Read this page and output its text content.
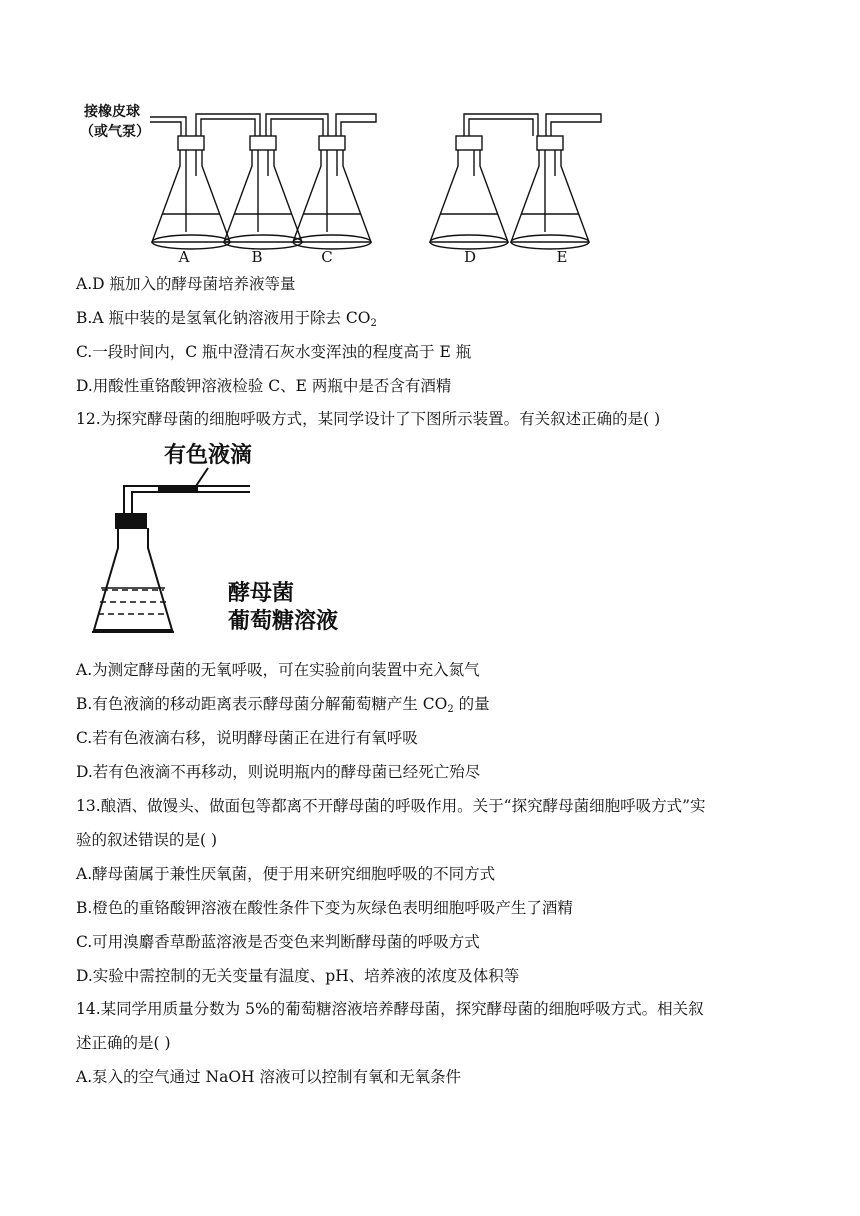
接橡皮球
（或气泵）
A	B	C	D	E
A.D 瓶加入的酵母菌培养液等量
B.A 瓶中装的是氢氧化钠溶液用于除去 $CO_2$
C.一段时间内，C 瓶中澄清石灰水变浑浊的程度高于 E 瓶
D.用酸性重铬酸钾溶液检验 C、E 两瓶中是否含有酒精
12.为探究酵母菌的细胞呼吸方式，某同学设计了下图所示装置。有关叙述正确的是( )
有色液滴
酵母菌
葡萄糖溶液
A.为测定酵母菌的无氧呼吸，可在实验前向装置中充入氮气
B.有色液滴的移动距离表示酵母菌分解葡萄糖产生 $CO_2$ 的量
C.若有色液滴右移，说明酵母菌正在进行有氧呼吸
D.若有色液滴不再移动，则说明瓶内的酵母菌已经死亡殆尽
13.酿酒、做馒头、做面包等都离不开酵母菌的呼吸作用。关于“探究酵母菌细胞呼吸方式”实
验的叙述错误的是( )
A.酵母菌属于兼性厌氧菌，便于用来研究细胞呼吸的不同方式
B.橙色的重铬酸钾溶液在酸性条件下变为灰绿色表明细胞呼吸产生了酒精
C.可用溴麝香草酚蓝溶液是否变色来判断酵母菌的呼吸方式
D.实验中需控制的无关变量有温度、pH、培养液的浓度及体积等
14.某同学用质量分数为 5%的葡萄糖溶液培养酵母菌，探究酵母菌的细胞呼吸方式。相关叙
述正确的是( )
A.泵入的空气通过 NaOH 溶液可以控制有氧和无氧条件
